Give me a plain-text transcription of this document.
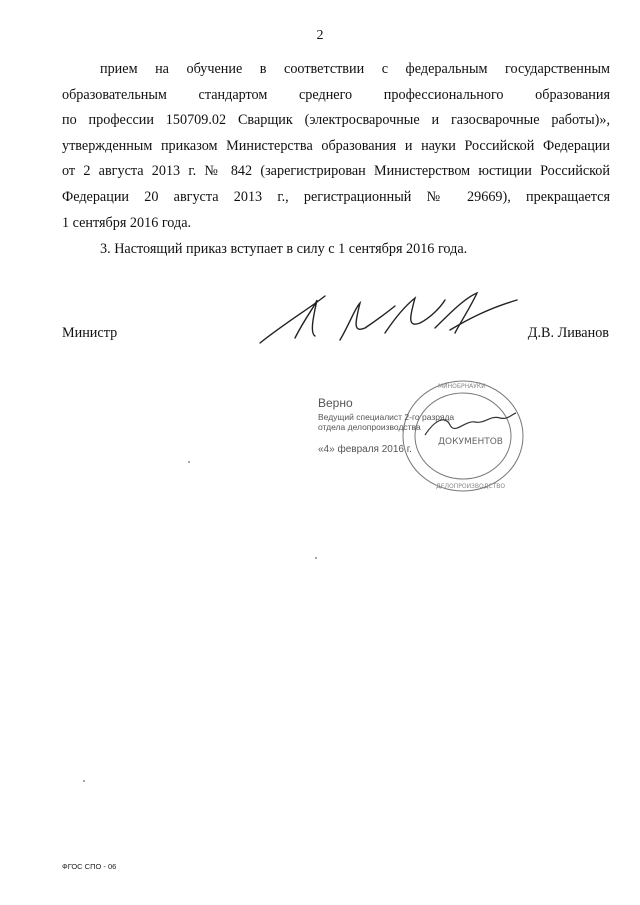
2
прием на обучение в соответствии с федеральным государственным
образовательным стандартом среднего профессионального образования
по профессии 150709.02 Сварщик (электросварочные и газосварочные работы)»,
утвержденным приказом Министерства образования и науки Российской Федерации
от 2 августа 2013 г. № 842 (зарегистрирован Министерством юстиции Российской
Федерации 20 августа 2013 г., регистрационный № 29669), прекращается
1 сентября 2016 года.
3. Настоящий приказ вступает в силу с 1 сентября 2016 года.
Министр	Д.В. Ливанов
МИНОБРНАУКИ
ДЕЛОПРОИЗВОДСТВО
ДОКУМЕНТОВ
Верно
Ведущий специалист 2-го разряда
отдела делопроизводства
«4» февраля 2016 г.
ФГОС СПО - 06
